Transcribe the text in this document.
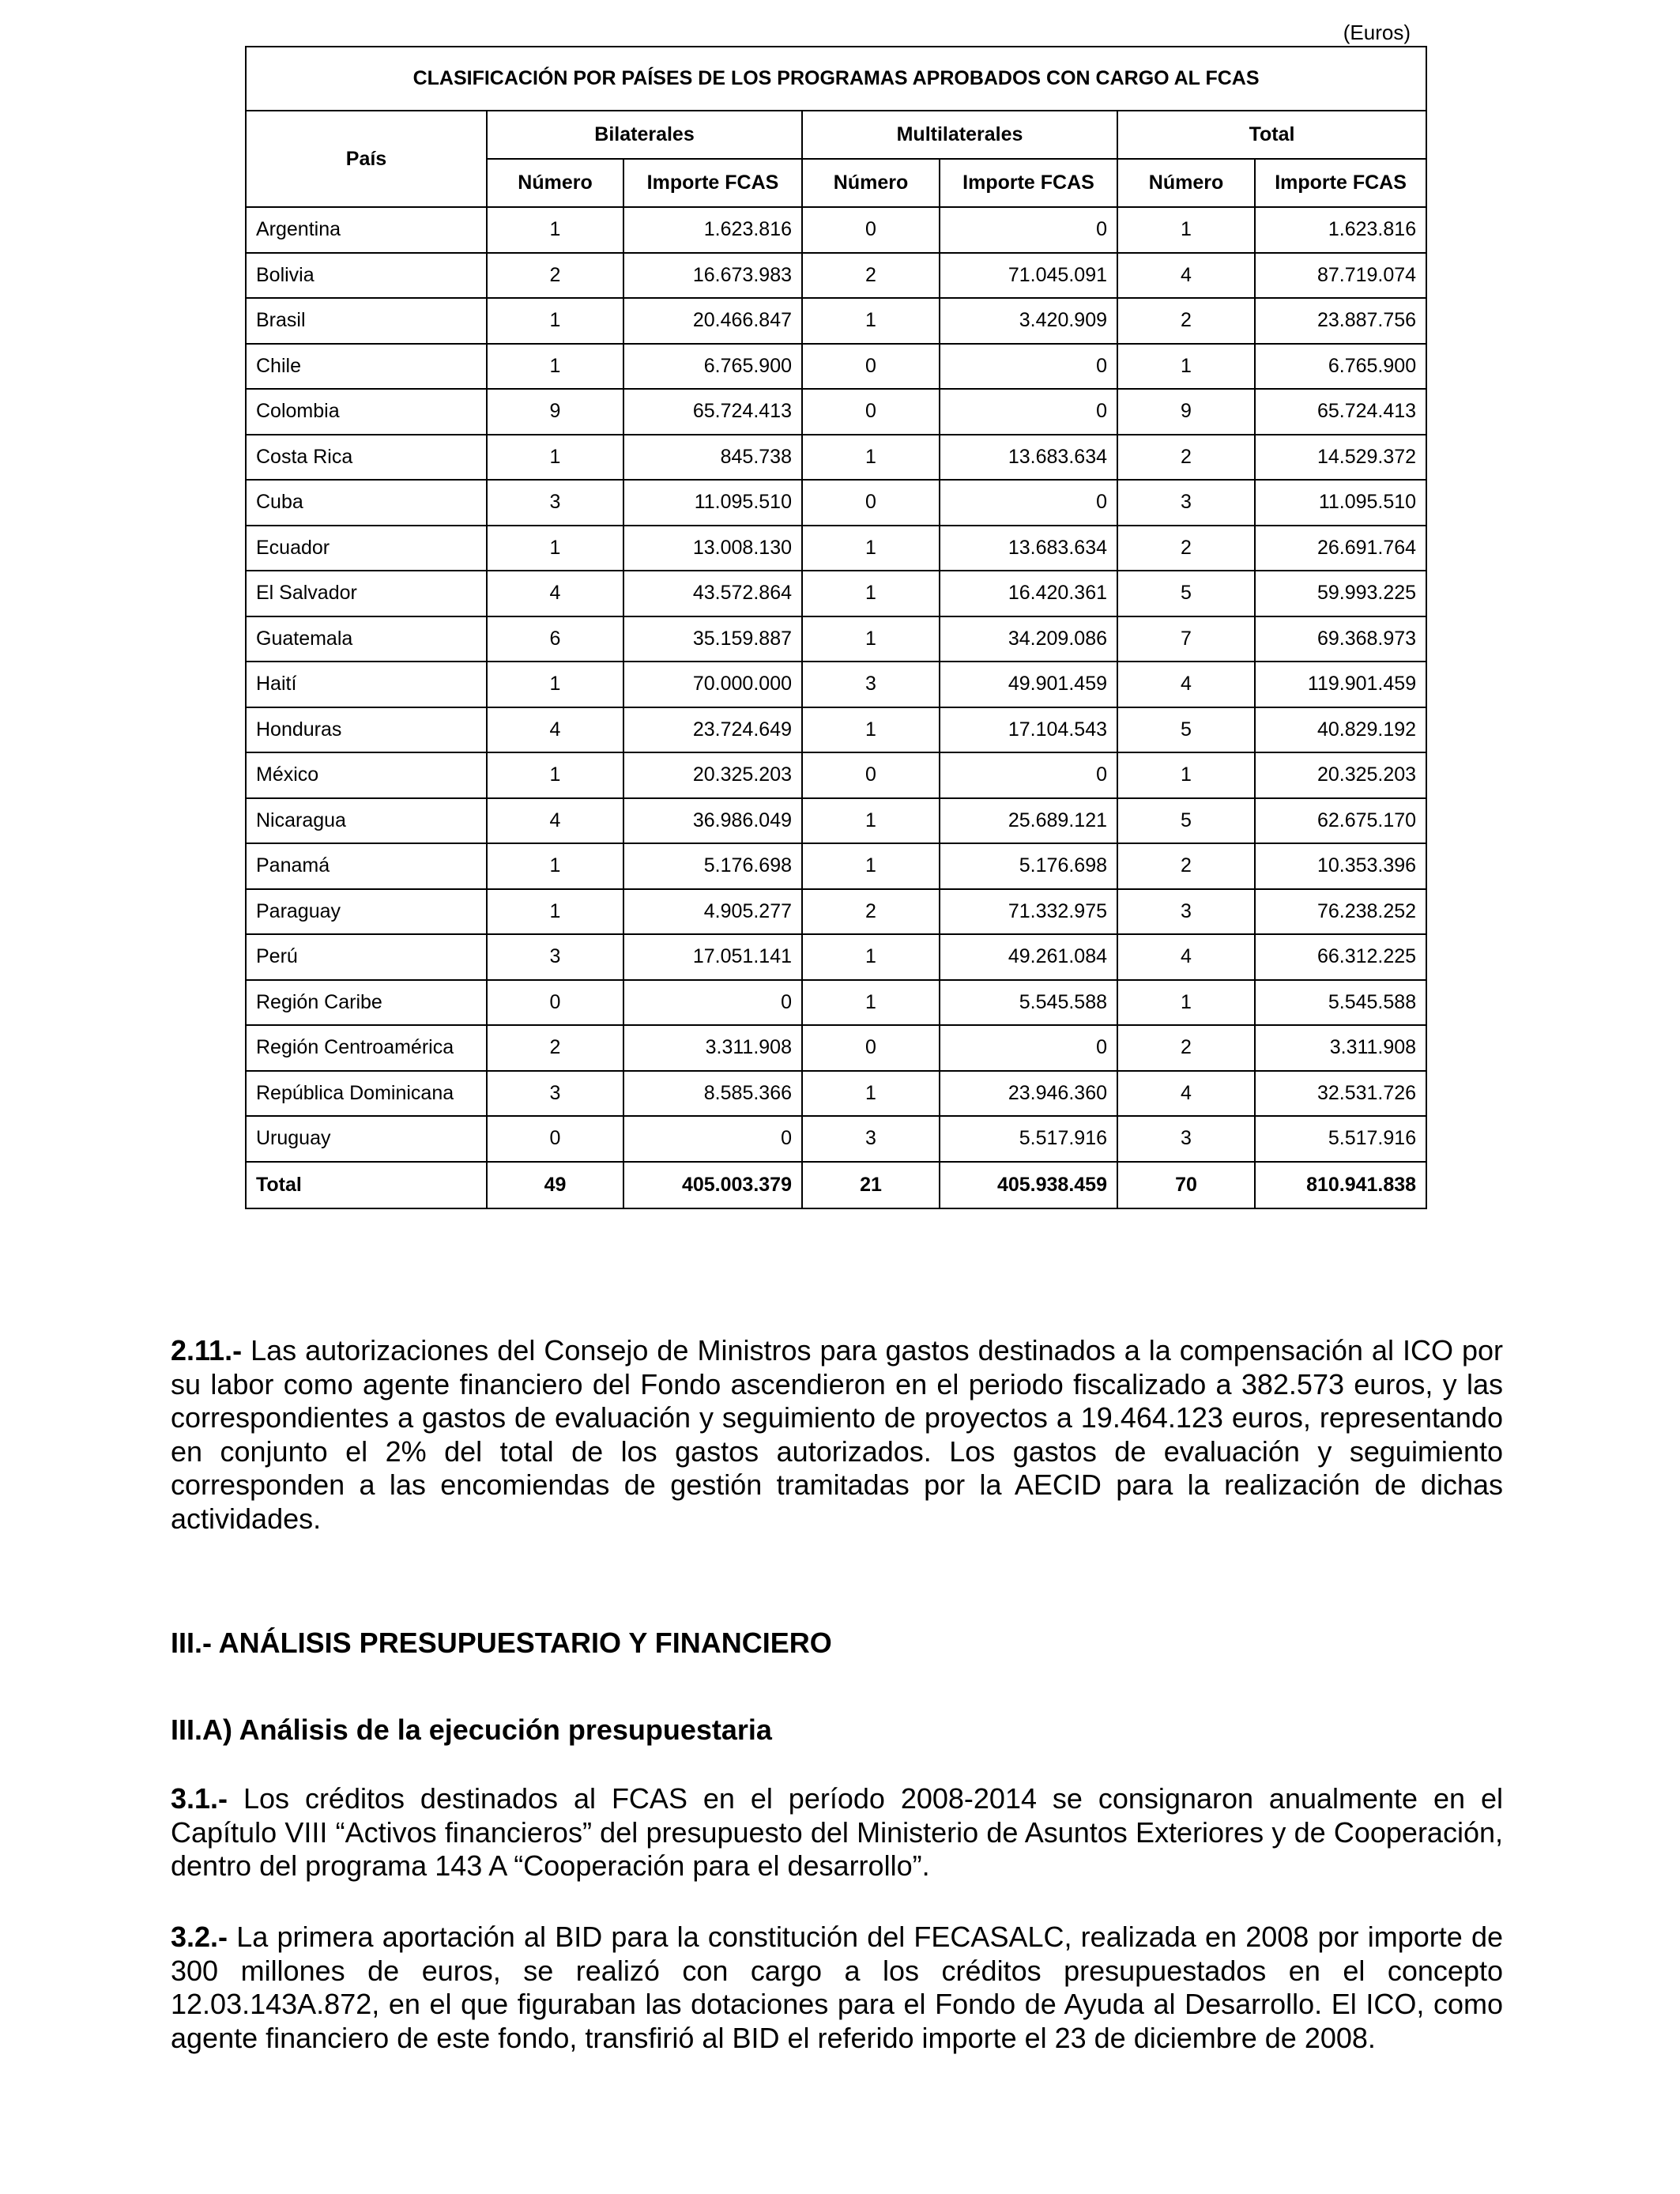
(Euros)
CLASIFICACIÓN POR PAÍSES DE LOS PROGRAMAS APROBADOS CON CARGO AL FCAS						
País	Bilaterales		Multilaterales		Total	
	Número	Importe FCAS	Número	Importe FCAS	Número	Importe FCAS
Argentina	1	1.623.816	0	0	1	1.623.816
Bolivia	2	16.673.983	2	71.045.091	4	87.719.074
Brasil	1	20.466.847	1	3.420.909	2	23.887.756
Chile	1	6.765.900	0	0	1	6.765.900
Colombia	9	65.724.413	0	0	9	65.724.413
Costa Rica	1	845.738	1	13.683.634	2	14.529.372
Cuba	3	11.095.510	0	0	3	11.095.510
Ecuador	1	13.008.130	1	13.683.634	2	26.691.764
El Salvador	4	43.572.864	1	16.420.361	5	59.993.225
Guatemala	6	35.159.887	1	34.209.086	7	69.368.973
Haití	1	70.000.000	3	49.901.459	4	119.901.459
Honduras	4	23.724.649	1	17.104.543	5	40.829.192
México	1	20.325.203	0	0	1	20.325.203
Nicaragua	4	36.986.049	1	25.689.121	5	62.675.170
Panamá	1	5.176.698	1	5.176.698	2	10.353.396
Paraguay	1	4.905.277	2	71.332.975	3	76.238.252
Perú	3	17.051.141	1	49.261.084	4	66.312.225
Región Caribe	0	0	1	5.545.588	1	5.545.588
Región Centroamérica	2	3.311.908	0	0	2	3.311.908
República Dominicana	3	8.585.366	1	23.946.360	4	32.531.726
Uruguay	0	0	3	5.517.916	3	5.517.916
Total	49	405.003.379	21	405.938.459	70	810.941.838

2.11.- Las autorizaciones del Consejo de Ministros para gastos destinados a la compensación al ICO por su labor como agente financiero del Fondo ascendieron en el periodo fiscalizado a 382.573 euros, y las correspondientes a gastos de evaluación y seguimiento de proyectos a 19.464.123 euros, representando en conjunto el 2% del total de los gastos autorizados. Los gastos de evaluación y seguimiento corresponden a las encomiendas de gestión tramitadas por la AECID para la realización de dichas actividades.

III.- ANÁLISIS PRESUPUESTARIO Y FINANCIERO
III.A) Análisis de la ejecución presupuestaria

3.1.- Los créditos destinados al FCAS en el período 2008-2014 se consignaron anualmente en el Capítulo VIII “Activos financieros” del presupuesto del Ministerio de Asuntos Exteriores y de Cooperación, dentro del programa 143 A “Cooperación para el desarrollo”.

3.2.- La primera aportación al BID para la constitución del FECASALC, realizada en 2008 por importe de 300 millones de euros, se realizó con cargo a los créditos presupuestados en el concepto 12.03.143A.872, en el que figuraban las dotaciones para el Fondo de Ayuda al Desarrollo. El ICO, como agente financiero de este fondo, transfirió al BID el referido importe el 23 de diciembre de 2008.
